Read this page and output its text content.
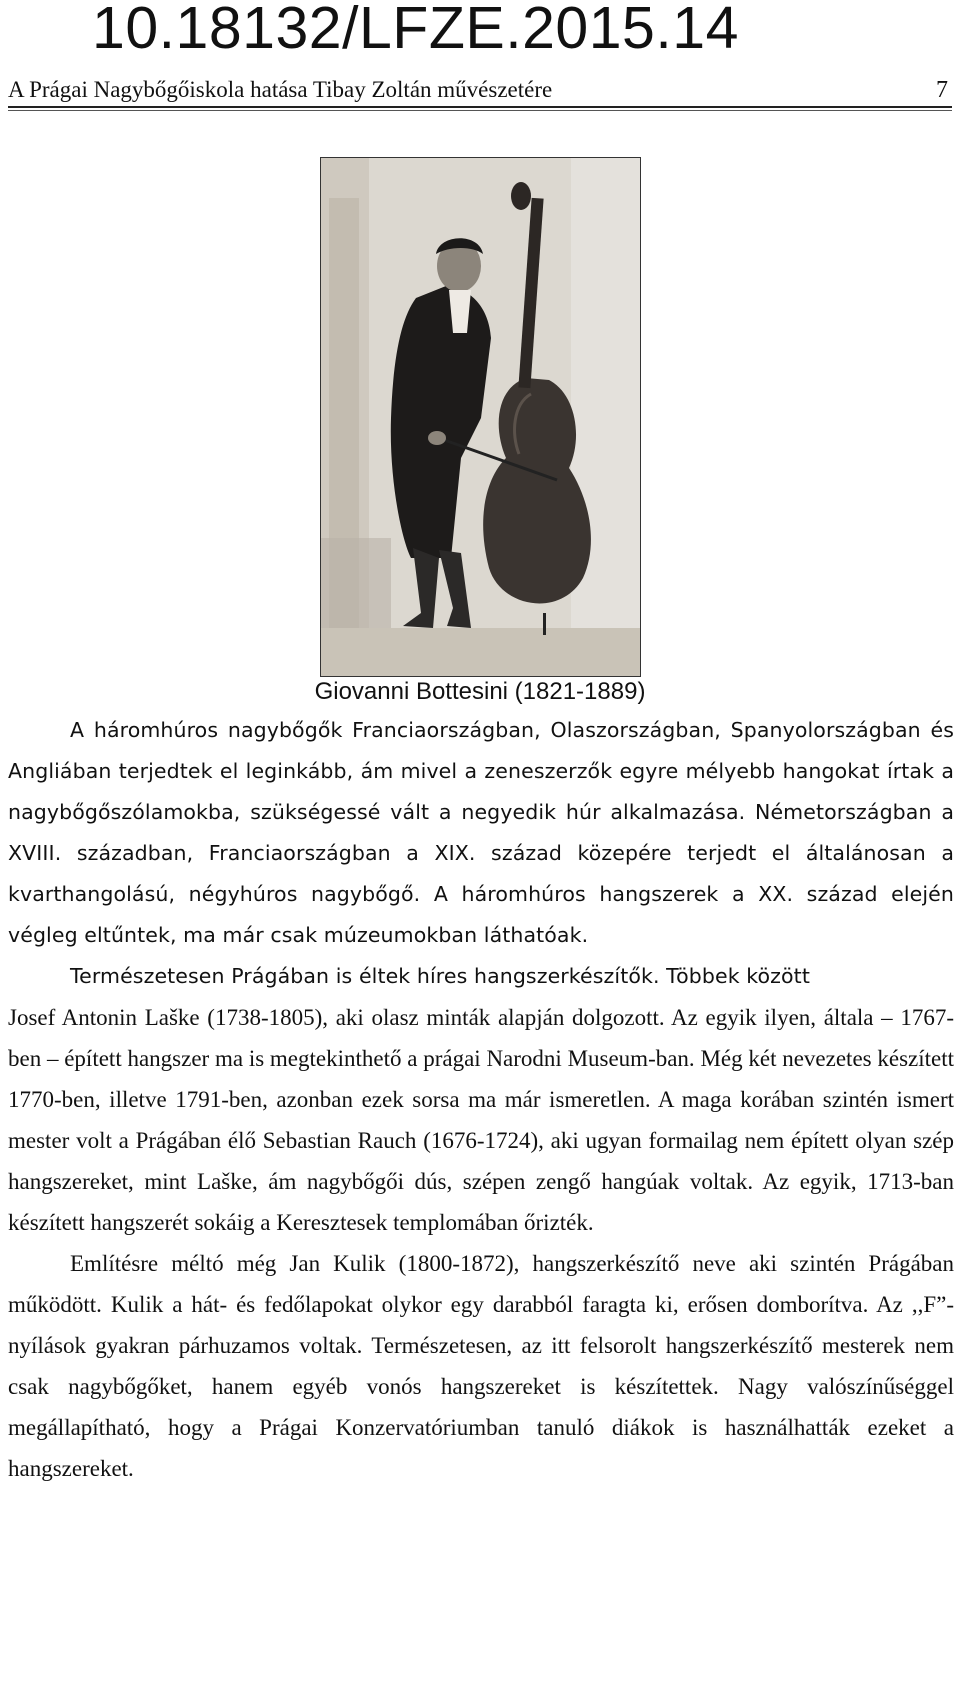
10.18132/LFZE.2015.14
A Prágai Nagybőgőiskola hatása Tibay Zoltán művészetére	7
Giovanni Bottesini (1821-1889)

A háromhúros nagybőgők Franciaországban, Olaszországban, Spanyolországban és Angliában terjedtek el leginkább, ám mivel a zeneszerzők egyre mélyebb hangokat írtak a nagybőgőszólamokba, szükségessé vált a negyedik húr alkalmazása. Németországban a XVIII. században, Franciaországban a XIX. század közepére terjedt el általánosan a kvarthangolású, négyhúros nagybőgő. A háromhúros hangszerek a XX. század elején végleg eltűntek, ma már csak múzeumokban láthatóak.

Természetesen Prágában is éltek híres hangszerkészítők. Többek között

Josef Antonin Laške (1738-1805), aki olasz minták alapján dolgozott. Az egyik ilyen, általa – 1767-ben – épített hangszer ma is megtekinthető a prágai Narodni Museum-ban. Még két nevezetes készített 1770-ben, illetve 1791-ben, azonban ezek sorsa ma már ismeretlen. A maga korában szintén ismert mester volt a Prágában élő Sebastian Rauch (1676-1724), aki ugyan formailag nem épített olyan szép hangszereket, mint Laške, ám nagybőgői dús, szépen zengő hangúak voltak. Az egyik, 1713-ban készített hangszerét sokáig a Keresztesek templomában őrizték.

Említésre méltó még Jan Kulik (1800-1872), hangszerkészítő neve aki szintén Prágában működött. Kulik a hát- és fedőlapokat olykor egy darabból faragta ki, erősen domborítva. Az ,,F”-nyílások gyakran párhuzamos voltak. Természetesen, az itt felsorolt hangszerkészítő mesterek nem csak nagybőgőket, hanem egyéb vonós hangszereket is készítettek. Nagy valószínűséggel megállapítható, hogy a Prágai Konzervatóriumban tanuló diákok is használhatták ezeket a hangszereket.
